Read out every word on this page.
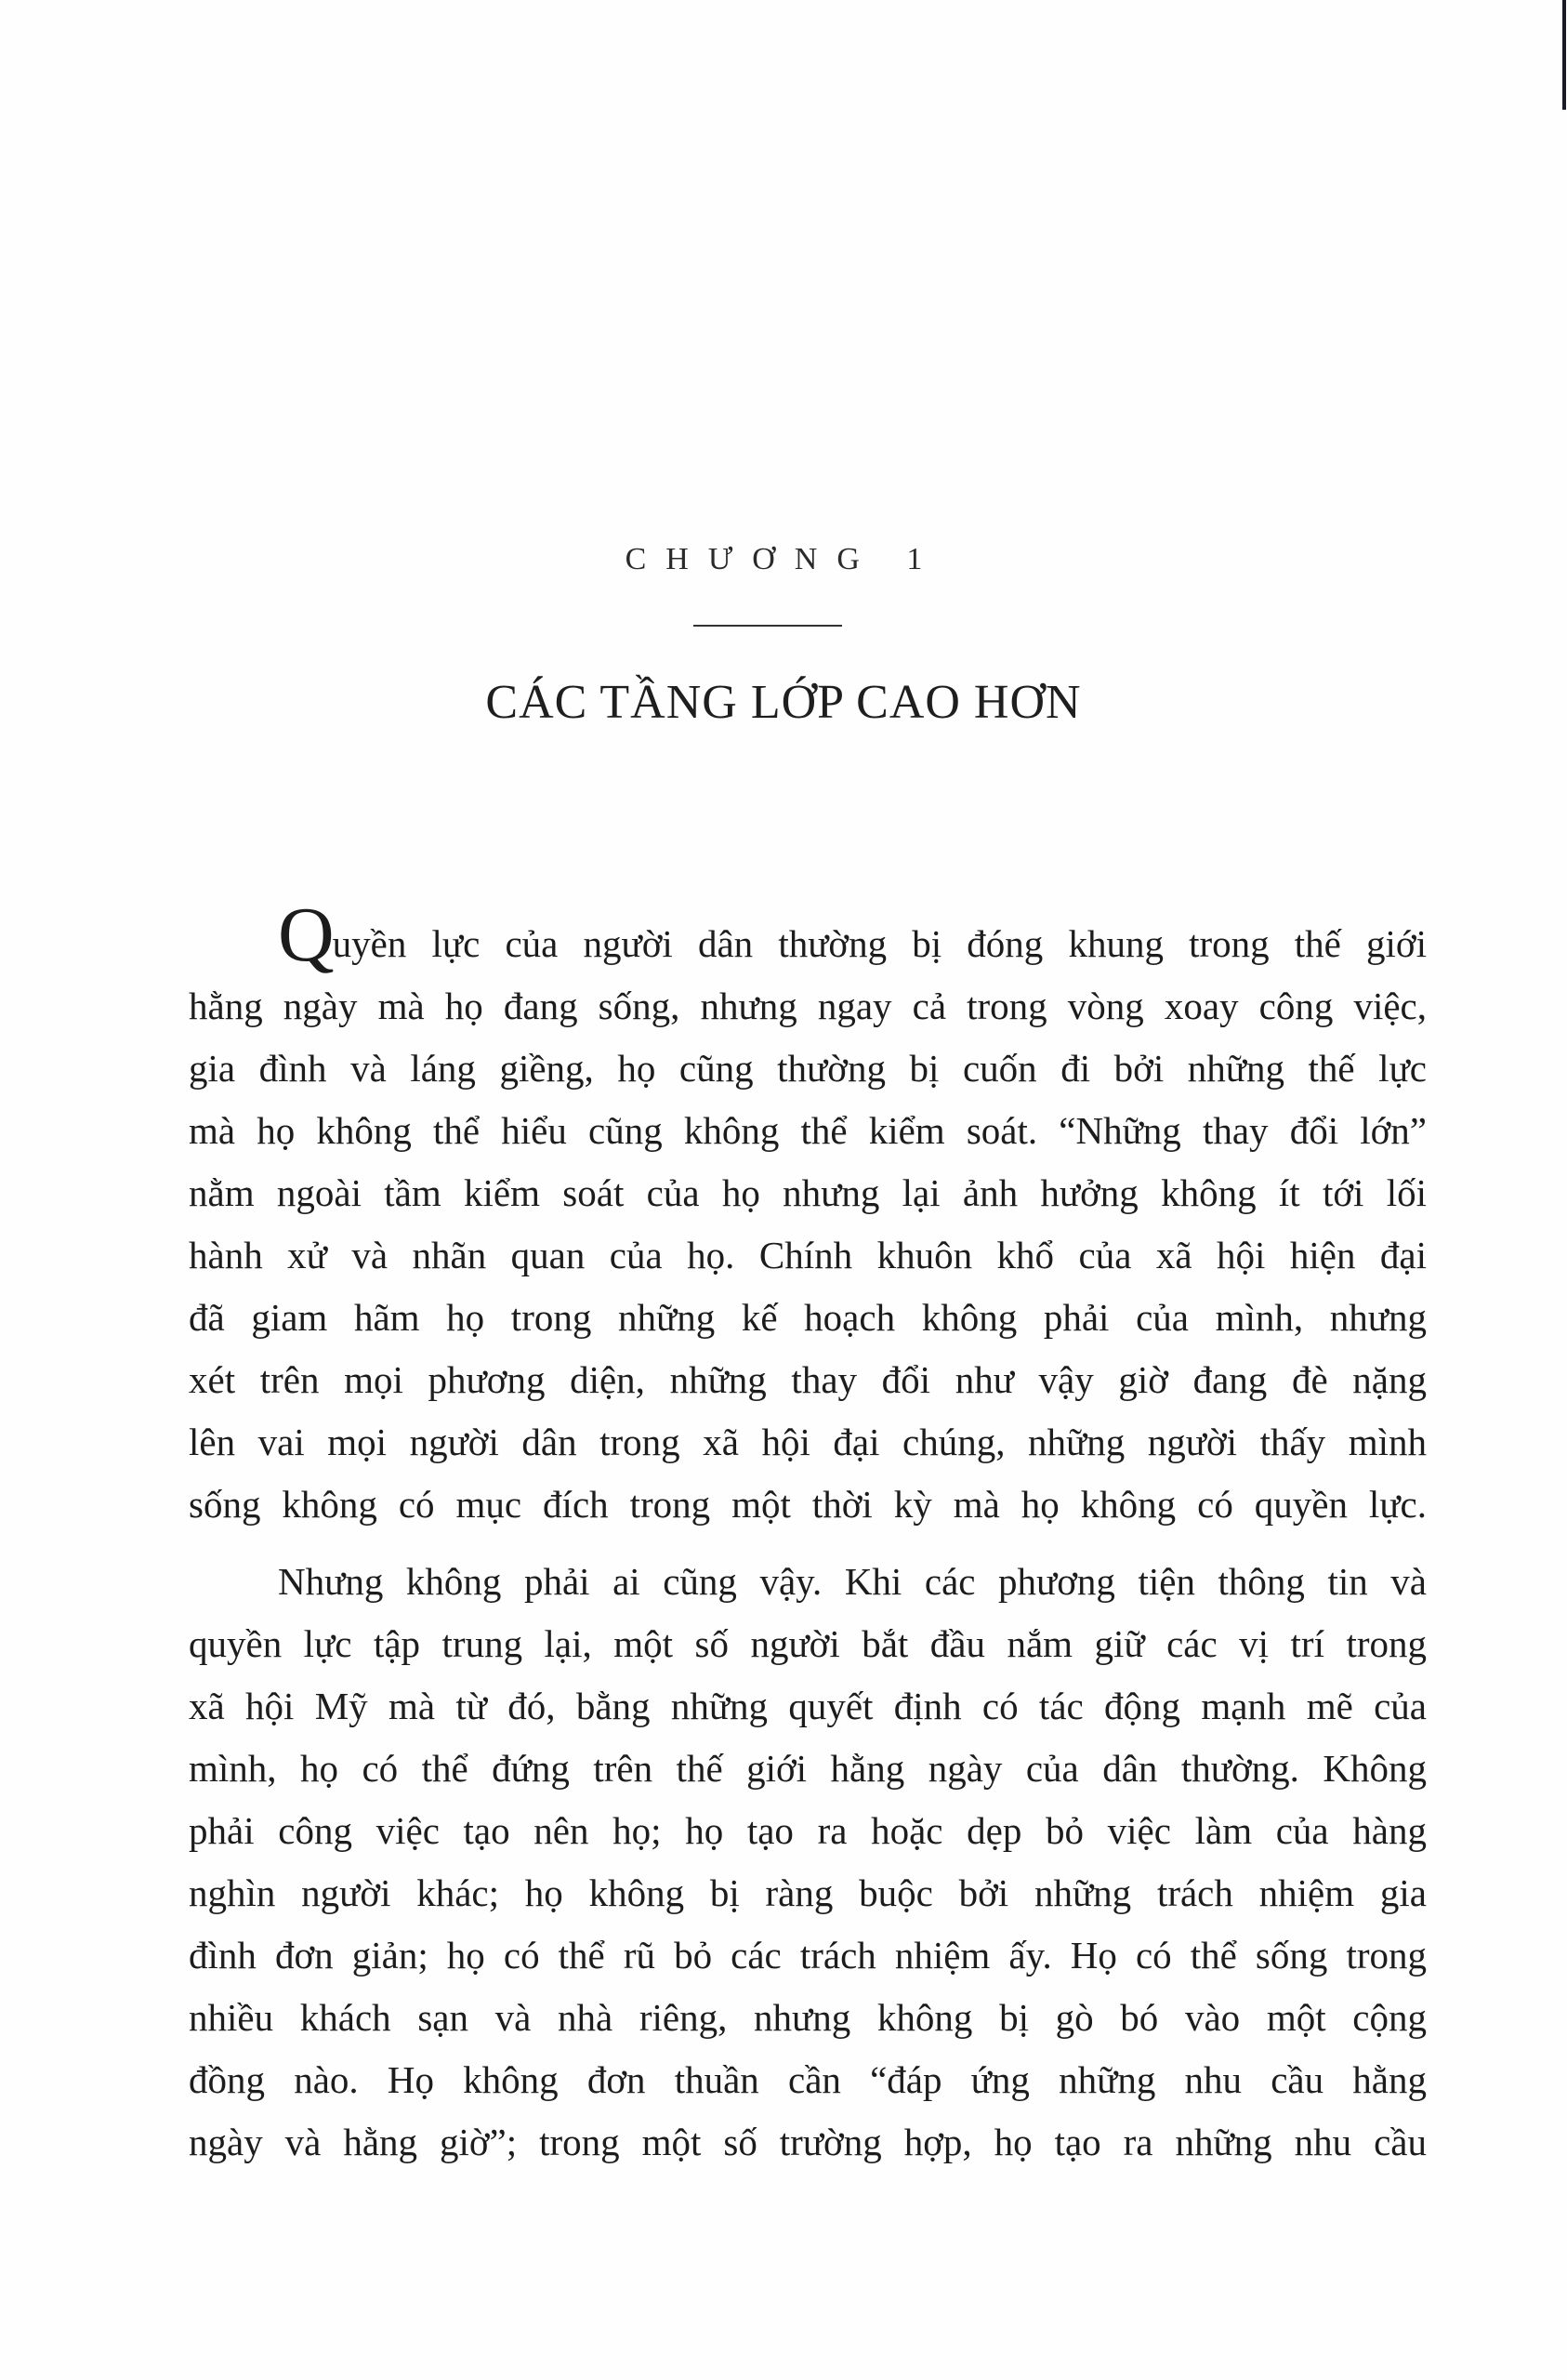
CHƯƠNG 1
CÁC TẦNG LỚP CAO HƠN
Quyền lực của người dân thường bị đóng khung trong thế giới
hằng ngày mà họ đang sống, nhưng ngay cả trong vòng xoay công việc,
gia đình và láng giềng, họ cũng thường bị cuốn đi bởi những thế lực
mà họ không thể hiểu cũng không thể kiểm soát. “Những thay đổi lớn”
nằm ngoài tầm kiểm soát của họ nhưng lại ảnh hưởng không ít tới lối
hành xử và nhãn quan của họ. Chính khuôn khổ của xã hội hiện đại
đã giam hãm họ trong những kế hoạch không phải của mình, nhưng
xét trên mọi phương diện, những thay đổi như vậy giờ đang đè nặng
lên vai mọi người dân trong xã hội đại chúng, những người thấy mình
sống không có mục đích trong một thời kỳ mà họ không có quyền lực.
Nhưng không phải ai cũng vậy. Khi các phương tiện thông tin và
quyền lực tập trung lại, một số người bắt đầu nắm giữ các vị trí trong
xã hội Mỹ mà từ đó, bằng những quyết định có tác động mạnh mẽ của
mình, họ có thể đứng trên thế giới hằng ngày của dân thường. Không
phải công việc tạo nên họ; họ tạo ra hoặc dẹp bỏ việc làm của hàng
nghìn người khác; họ không bị ràng buộc bởi những trách nhiệm gia
đình đơn giản; họ có thể rũ bỏ các trách nhiệm ấy. Họ có thể sống trong
nhiều khách sạn và nhà riêng, nhưng không bị gò bó vào một cộng
đồng nào. Họ không đơn thuần cần “đáp ứng những nhu cầu hằng
ngày và hằng giờ”; trong một số trường hợp, họ tạo ra những nhu cầu
